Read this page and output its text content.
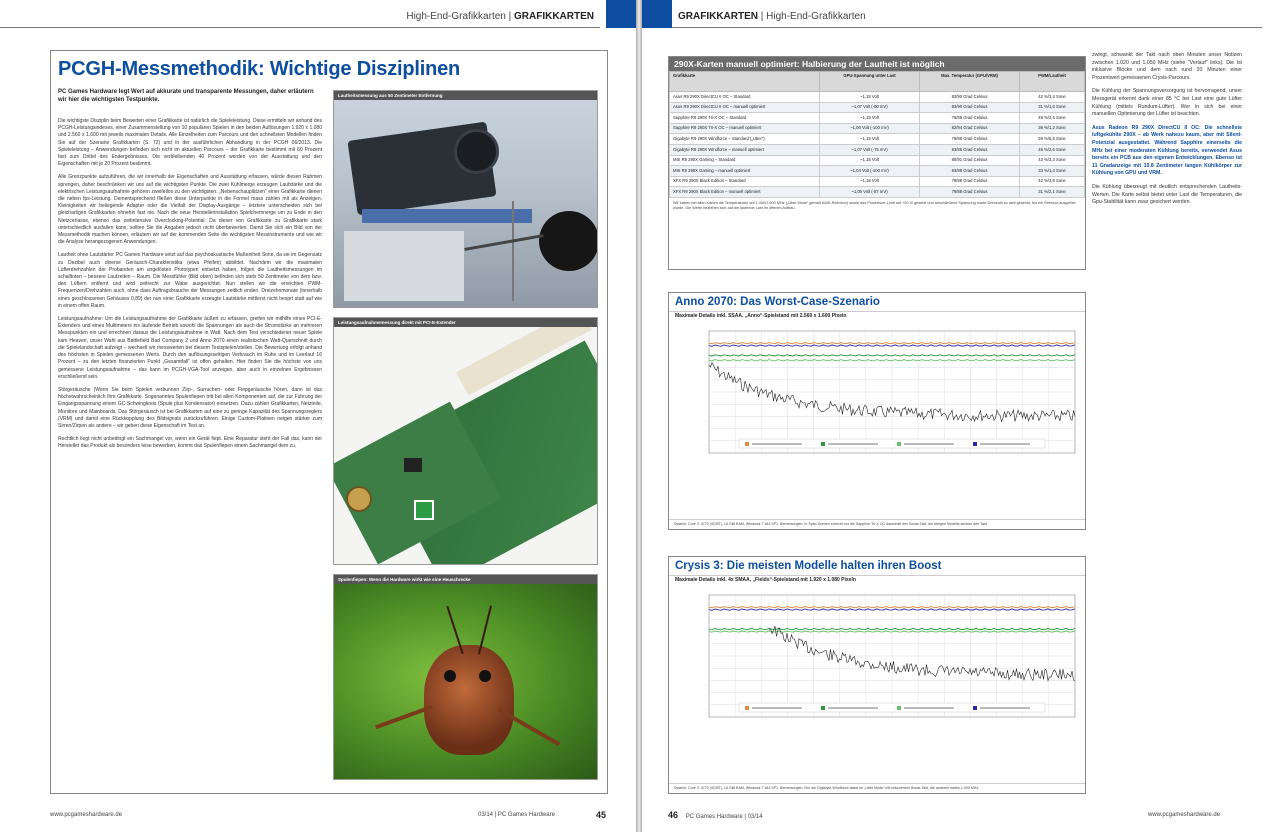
High-End-Grafikkarten | GRAFIKKARTEN
PCGH-Messmethodik: Wichtige Disziplinen
PC Games Hardware legt Wert auf akkurate und transparente Messungen, daher erläutern wir hier die wichtigsten Testpunkte.

Die wichtigste Disziplin beim Bewerten einer Grafikkarte ist natürlich die Spieleleistung. Diese ermitteln wir anhand des PCGH-Leistungsindexes, einer Zusammenstellung von 10 populären Spielen in den beiden Auflösungen 1.920 x 1.080 und 2.560 x 1.600 mit jeweils maximalen Details. Alle Einzelheiten zum Parcours und den schnellsten Modellen finden Sie auf der Szenarie Grafikkarten (S. 72) und in der ausführlichen Abhandlung in der PCGH 06/2013. Die Spieleleistung – Anwendungen befinden sich nicht im aktuellen Parcours – der Grafikkarte bestimmt mit 60 Prozent fast zum Drittel des Endergebnisses. Die verbleibenden 40 Prozent werden von der Ausstattung und den Eigenschaften mit je 20 Prozent bestimmt.

Alle Grenzpunkte aufzuführen, die wir innerhalb der Eigenschaften und Ausstattung erfassen, würde diesen Rahmen sprengen, daher beschränken wir uns auf die wichtigsten Punkte. Die zwei Kühlmerge erzeugen Lautstärke und die elektrischen Leistungsaufnahme gehören zweifellos zu den wichtigsten. „Nebenschauplätzen“ einer Grafikkarte dienen die neben fps-Leistung. Dementsprechend fließen diese Unterpunkte in die Formel mass zählen mit als Anzeigen. Kleinigkeiten wir beilegende Adapter oder die Vielfalt der Display-Ausgänge – letztere unterscheiden sich bei gleichartigen Grafikkarten ohnehin fast nie. Nach die neue Herstellerinstallation Spielchemnerge um zu Ende in den Nietzcerlasse, ebenso das zeitintensive Overclocking-Potential. Da dieser von Grafikkarte zu Grafikkarte stark unterschiedlich ausfallen kann, sollten Sie die Angaben jedoch nicht überbewerten. Damit Sie sich ein Bild von der Messmethodik machen können, erläutern wir auf der kommenden Seite die wichtigsten Messinstrumente und wie wir die Analyse herangezogenen Anwendungen.

Lautheit ohne Lautstärke: PC Games Hardware setzt auf das psychoakustische Maßeinheit Sone, da sie im Gegensatz zu Dezibel auch diverse Geräusch-Charakteristika (etwa Pfeifen) abbildet. Nachdem wir die maximalen Lüfterdrehzahlen der Probanden am ungelösten Prototypen entsetzt haben, folgen die Lautheitsmessungen im schalltoten – bessere Laufzeiten – Raum. Die Messfühler (Bild oben) befinden sich stets 50 Zentimeter von dem bzw. den Lüftern entfernt und wird zeitrecht zur Wabe ausgerichtet. Nun stellen wir die erreichten PWM-Frequenzen/Drehzahlen auch, ohne dass Auftragsbrauche der Messungen zeitlich enden. Dreizehnmonate (innerhalb eines geschlossenen Gehäuses 0,89) der nun einer Grafikkarte erzeugte Lautstärke mittlerst nicht besprt statt auf wie in einem offen Raum.

Leistungsaufnahme: Um die Leistungsaufnahme der Grafikkarte äußert zu erfassen, greifen wir mithilfe eines PCI-E-Extenders und eines Multimeters ins laufende Betrieb sowohl die Spannungen als auch die Stromstärke an mehreren Messpunkten ein und errechnen daraus die Leistungsaufnahme in Watt. Nach dem Test verschiedener neuer Spiele kam Heaven, unser Wahl aus Battlefield Bad Company 2 und Anno 2070 einen realistischen Watt-Querschnitt durch die Spielelandschaft aufzeigt – wechselt wir messwerten bei diesem Testspielen/stellen. Die Bewertung erfolgt anhand des höchsten in Spielen gemessenen Werts. Durch den auflösungsseitigen Verbrauch im Ruhe und im Leerlauf 16 Prozent – zu den letzten finanzierten Punkt „Gesamtfall“ ist offen gehalten. Hier finden Sie die höchste von uns gemessene Leistungsaufnahme – das kann im PCGH-VGA-Tool anzeigen, aber auch in einzelnen Ergebnissen erschließend sein.

Störgeräusche (Wenn Sie beim Spielen verbunnen Zirp-, Surruchen- oder Fiepgeräusche hören, dann ist das höchstwahrscheinlich Ihre Grafikkarte. Sogenanntes Spulenfiepen tritt bei allen Komponenten auf, die zur Führung der Eingangsspannung einem GC-Schwingkreis (Spule plus Kondensator) einsetzen. Dazu zählen Grafikkarten, Netzteile, Monitore und Mainboards. Das Störgeräusch ist bei Grafikkarten auf eine zu geringe Kapazität des Spannungsreglers (VRM) und damit eine Rückkopplung des Bildsignals zurückzuführen. Einige Custom-Platinen neigen stärker zum Sirren/Zirpen als andere – wir geben diese Eigenschaft im Test an.

Rechtlich liegt nicht unbedingt ein Sachmangel vor, wenn ein Gerät fiept. Eine Reparatur steht der Fall das, kann der Hersteller das Produkt als besonders leise bewerben, kommt das Spulenfiepen einem Sachmangel dem zu.

Lautheitsmessung aus 50 Zentimeter Entfernung
Leistungsaufnahmemessung direkt mit PCI-E-Extender
Spulenfiepen: Wenn die Hardware wirkt wie eine Heuschrecke
www.pcgameshardware.de	03/14 | PC Games Hardware	45
GRAFIKKARTEN | High-End-Grafikkarten
290X-Karten manuell optimiert: Halbierung der Lautheit ist möglich
Grafikkarte	GPU-Spannung unter Last	Max. Temperatur (GPU/VRM)	PWM/Lautheit
Asus R9 290X DirectCU II OC – Standard	~1,18 Volt	83/90 Grad Celsius	42 %/3,4 Sone
Asus R9 290X DirectCU II OC – manuell optimiert	~1,07 Volt (-90 mV)	83/90 Grad Celsius	31 %/1,6 Sone
Sapphire R9 290X Tri-X OC – Standard	~1,19 Volt	76/89 Grad Celsius	48 %/2,5 Sone
Sapphire R9 290X Tri-X OC – manuell optimiert	~1,06 Volt (-100 mV)	82/94 Grad Celsius	36 %/1,2 Sone
Gigabyte R9 290X Windforce – Standard („Uber“)	~1,19 Volt	79/86 Grad Celsius	59 %/5,5 Sone
Gigabyte R9 290X Windforce – manuell optimiert	~1,07 Volt (-75 mV)	83/85 Grad Celsius	46 %/2,6 Sone
MSI R9 290X Gaming – Standard	~1,18 Volt	80/91 Grad Celsius	43 %/3,3 Sone
MSI R9 290X Gaming – manuell optimiert	~1,04 Volt (-100 mV)	83/88 Grad Celsius	33 %/1,4 Sone
XFX R9 290X Black Edition – Standard	~1,18 Volt	79/88 Grad Celsius	42 %/3,6 Sone
XFX R9 290X Black Edition – manuell optimiert	~1,05 Volt (-87 mV)	79/88 Grad Celsius	31 %/2,1 Sone
Wir haben bei allen Karten die Temperaturen auf 1.000/2.500 MHz („Uber Mode“ gemäß AMD-Referenz) sowie das Powertune-Limit auf +50 % gesetzt und anschließend Spannung sowie Drehzahl so weit gesenkt, bis ein Stressor ausgelöst wurde. Die Werte beziehen sich auf die laufende Last im offenen Aufbau.
Anno 2070: Das Worst-Case-Szenario
Maximale Details inkl. SSAA, „Anno“-Spielstand mit 2.560 x 1.600 Pixeln
System: Core i7-4770 (4C/8T), 16 GiB RAM, Windows 7 x64 SP1. Bemerkungen: In Spiel-Szenen erreicht nur die Sapphire Tri-X OC dauerhaft den Boost-Takt, die übrigen Modelle senken den Takt.
Crysis 3: Die meisten Modelle halten ihren Boost
Maximale Details inkl. 4x SMAA, „Fields“-Spielstand mit 1.920 x 1.080 Pixeln
System: Core i7-4770 (4C/8T), 16 GiB RAM, Windows 7 x64 SP1. Bemerkungen: Nur die Gigabyte Windforce taktet im „Uber Mode“ mit reduziertem Boost-Takt, die anderen halten 1.000 MHz.

zwingt, schwankt der Takt nach oben Minuten unser Notizen zwischen 1.020 und 1.050 MHz (siehe "Verlauf" links). Die Ist inklusive Blöcke und dem nach rund 20 Minuten einer Prozentwert gemessenen Crysis-Parcours.

Die Kühlung der Spannungsversorgung ist hervorragend, unser Messgerät erkennt dank einer 85 °C bei Last eine gute Lüfter Kühlung (mittels Rundum-Lüfter). Wer in sich bei einer manuellen Optimierung der Lüfter ist beachten.

Asus Radeon R9 290X DirectCU II OC: Die schnellste luftgekühlte 290X – ab Werk nahezu kaum, aber mit Silent-Potenzial ausgestattet. Während Sapphire einerseits die MHz bei einer moderaten Kühlung bereits, verwendet Asus bereits ein PCB aus den eigenen Entwicklungen. Ebenso ist 11 Gradanzeige mit 10.8 Zentimeter langen Kühlkörper zur Kühlung von GPU und VRM.

Die Kühlung überzeugt mit deutlich entsprechenden Lautheits-Werten. Die Karte selbst bietet unter Last die Temperaturen, die Gpu-Stabilität kann zwar gesichert werden.

46 PC Games Hardware | 03/14	www.pcgameshardware.de
